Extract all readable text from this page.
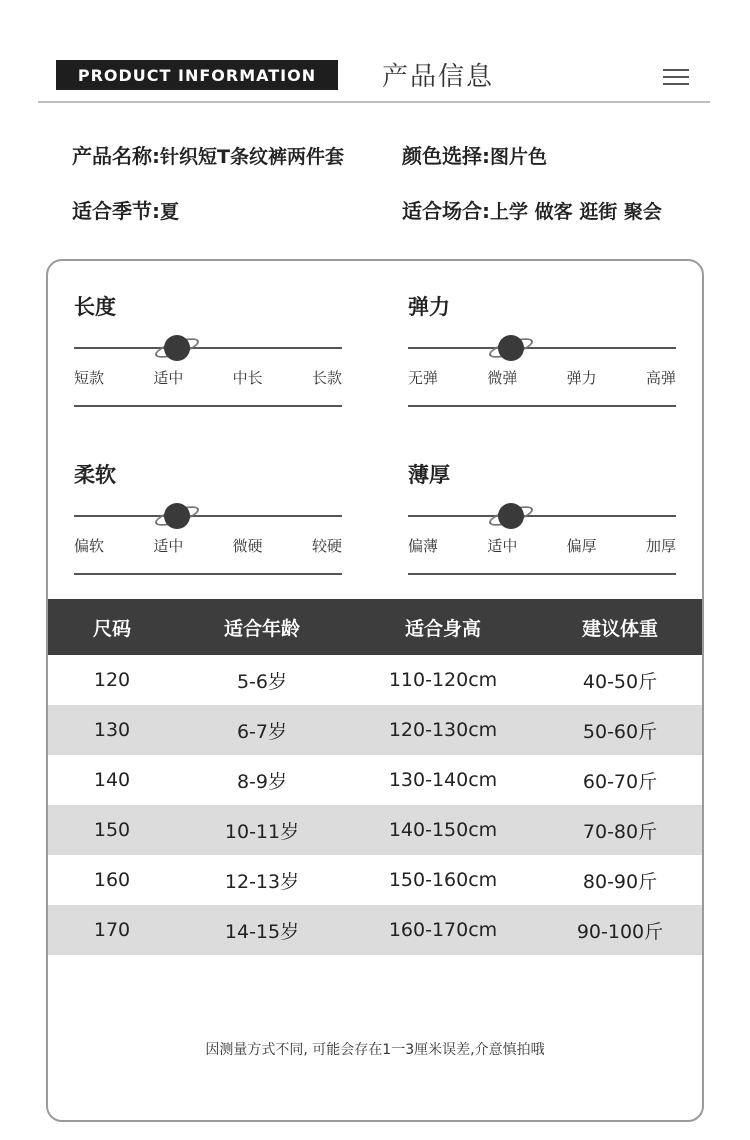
PRODUCT INFORMATION	产品信息
产品名称:针织短T条纹裤两件套	颜色选择:图片色
适合季节:夏	适合场合:上学 做客 逛街 聚会
长度
短款	适中	中长	长款
弹力
无弹	微弹	弹力	高弹
柔软
偏软	适中	微硬	较硬
薄厚
偏薄	适中	偏厚	加厚
尺码	适合年龄	适合身高	建议体重
120	5-6岁	110-120cm	40-50斤
130	6-7岁	120-130cm	50-60斤
140	8-9岁	130-140cm	60-70斤
150	10-11岁	140-150cm	70-80斤
160	12-13岁	150-160cm	80-90斤
170	14-15岁	160-170cm	90-100斤
因测量方式不同, 可能会存在1一3厘米误差,介意慎拍哦
